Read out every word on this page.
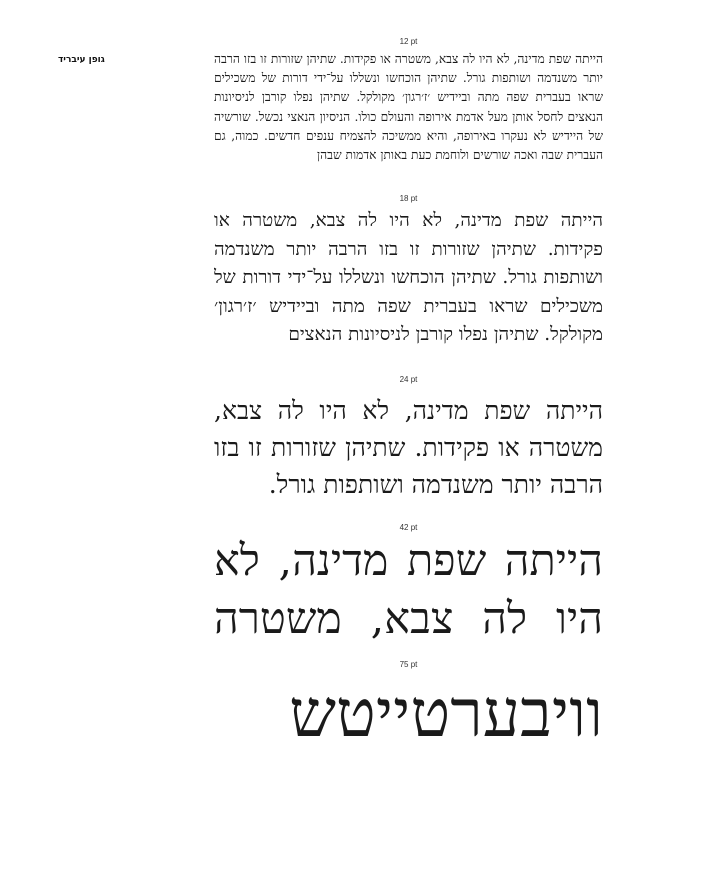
גופן עיבריד
12 pt

הייתה שפת מדינה, לא היו לה צבא, משטרה או פקידות. שתיהן שזורות זו בזו הרבה יותר משנדמה ושותפות גורל. שתיהן הוכחשו ונשללו על־ידי דורות של משכילים שראו בעברית שפה מתה וביידיש ׳ז׳רגון׳ מקולקל. שתיהן נפלו קורבן לניסיונות הנאצים לחסל אותן מעל אדמת אירופה והעולם כולו. הניסיון הנאצי נכשל. שורשיה של היידיש לא נעקרו באירופה, והיא ממשיכה להצמיח ענפים חדשים. כמוה, גם העברית שבה ואכה שורשים ולוחמת כעת באותן אדמות שבהן

18 pt

הייתה שפת מדינה, לא היו לה צבא, משטרה או פקידות. שתיהן שזורות זו בזו הרבה יותר משנדמה ושותפות גורל. שתיהן הוכחשו ונשללו על־ידי דורות של משכילים שראו בעברית שפה מתה וביידיש ׳ז׳רגון׳ מקולקל. שתיהן נפלו קורבן לניסיונות הנאצים

24 pt

הייתה שפת מדינה, לא היו לה צבא, משטרה או פקידות. שתיהן שזורות זו בזו הרבה יותר משנדמה ושותפות גורל.

42 pt

הייתה שפת מדינה, לא היו לה צבא, משטרה

75 pt

וויבערטייטש
